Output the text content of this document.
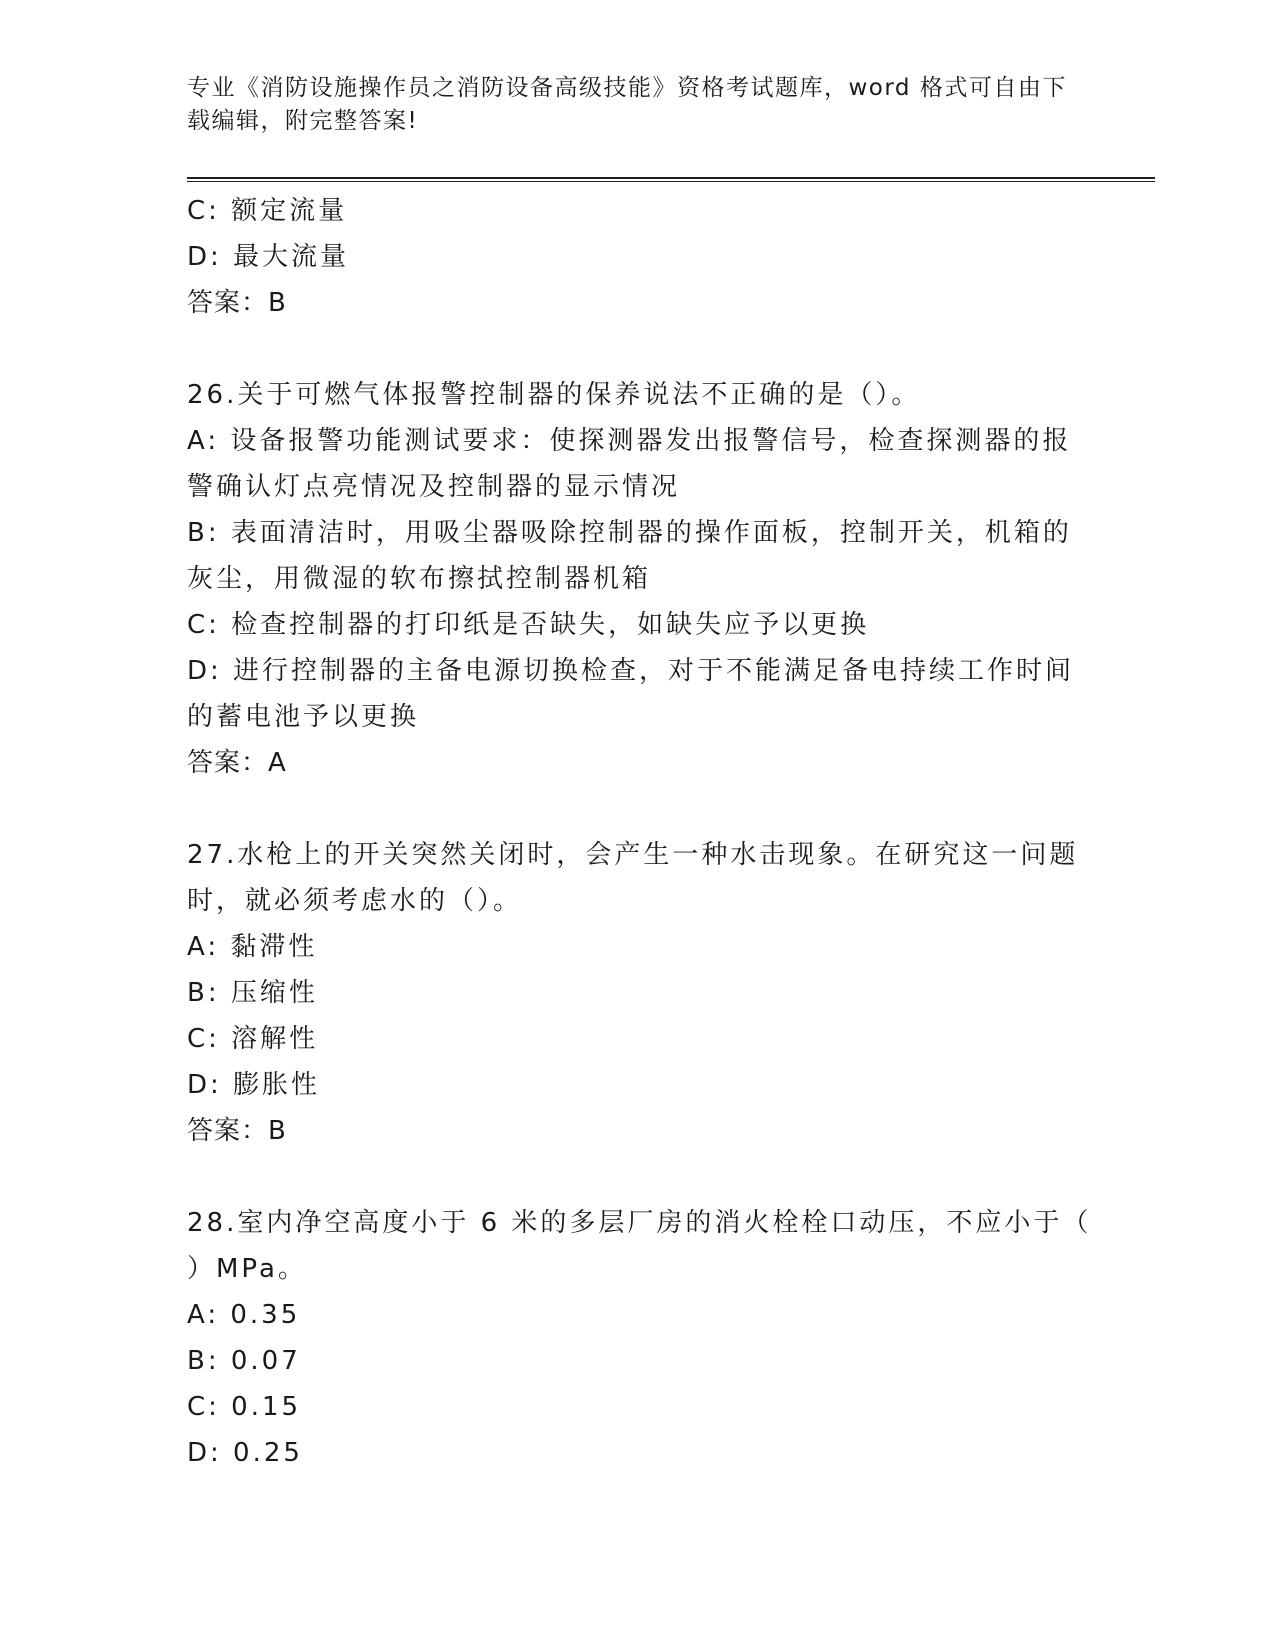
专业《消防设施操作员之消防设备高级技能》资格考试题库，word 格式可自由下
载编辑，附完整答案!
C: 额定流量
D: 最大流量
答案：B
26.关于可燃气体报警控制器的保养说法不正确的是（）。
A: 设备报警功能测试要求：使探测器发出报警信号，检查探测器的报
警确认灯点亮情况及控制器的显示情况
B: 表面清洁时，用吸尘器吸除控制器的操作面板，控制开关，机箱的
灰尘，用微湿的软布擦拭控制器机箱
C: 检查控制器的打印纸是否缺失，如缺失应予以更换
D: 进行控制器的主备电源切换检查，对于不能满足备电持续工作时间
的蓄电池予以更换
答案：A
27.水枪上的开关突然关闭时，会产生一种水击现象。在研究这一问题
时，就必须考虑水的（）。
A: 黏滞性
B: 压缩性
C: 溶解性
D: 膨胀性
答案：B
28.室内净空高度小于 6 米的多层厂房的消火栓栓口动压，不应小于（
）MPa。
A: 0.35
B: 0.07
C: 0.15
D: 0.25
